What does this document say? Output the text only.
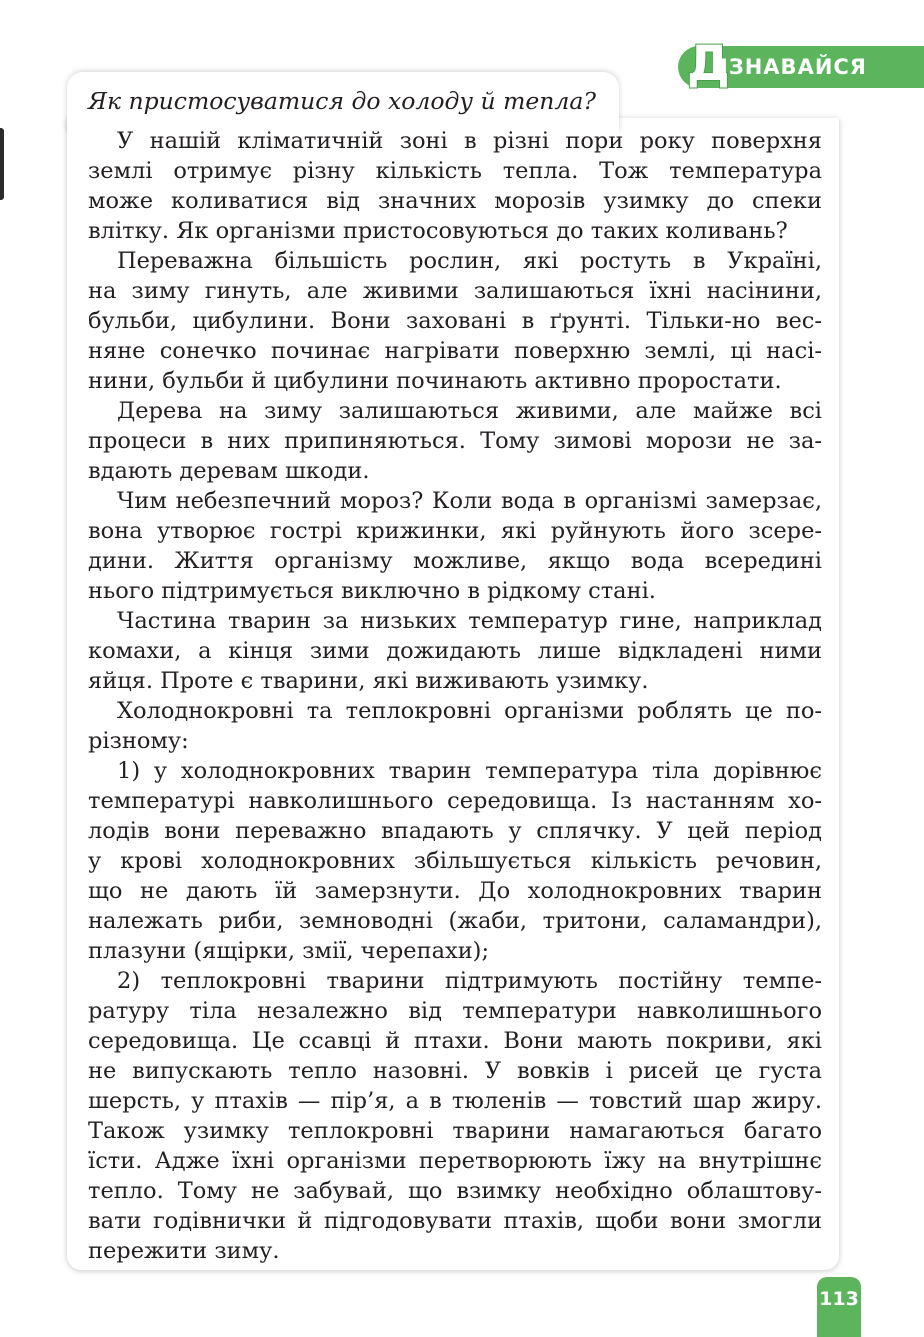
Д
ІЗНАВАЙСЯ
Як пристосуватися до холоду й тепла?
У нашій кліматичній зоні в різні пори року поверхня
землі отримує різну кількість тепла. Тож температура
може коливатися від значних морозів узимку до спеки
влітку. Як організми пристосовуються до таких коливань?
Переважна більшість рослин, які ростуть в Україні,
на зиму гинуть, але живими залишаються їхні насінини,
бульби, цибулини. Вони заховані в ґрунті. Тільки-но вес-
няне сонечко починає нагрівати поверхню землі, ці насі-
нини, бульби й цибулини починають активно проростати.
Дерева на зиму залишаються живими, але майже всі
процеси в них припиняються. Тому зимові морози не за-
вдають деревам шкоди.
Чим небезпечний мороз? Коли вода в організмі замерзає,
вона утворює гострі крижинки, які руйнують його зсере-
дини. Життя організму можливе, якщо вода всередині
нього підтримується виключно в рідкому стані.
Частина тварин за низьких температур гине, наприклад
комахи, а кінця зими дожидають лише відкладені ними
яйця. Проте є тварини, які виживають узимку.
Холоднокровні та теплокровні організми роблять це по-
різному:
1) у холоднокровних тварин температура тіла дорівнює
температурі навколишнього середовища. Із настанням хо-
лодів вони переважно впадають у сплячку. У цей період
у крові холоднокровних збільшується кількість речовин,
що не дають їй замерзнути. До холоднокровних тварин
належать риби, земноводні (жаби, тритони, саламандри),
плазуни (ящірки, змії, черепахи);
2) теплокровні тварини підтримують постійну темпе-
ратуру тіла незалежно від температури навколишнього
середовища. Це ссавці й птахи. Вони мають покриви, які
не випускають тепло назовні. У вовків і рисей це густа
шерсть, у птахів — пір’я, а в тюленів — товстий шар жиру.
Також узимку теплокровні тварини намагаються багато
їсти. Адже їхні організми перетворюють їжу на внутрішнє
тепло. Тому не забувай, що взимку необхідно облаштову-
вати годівнички й підгодовувати птахів, щоби вони змогли
пережити зиму.
113
